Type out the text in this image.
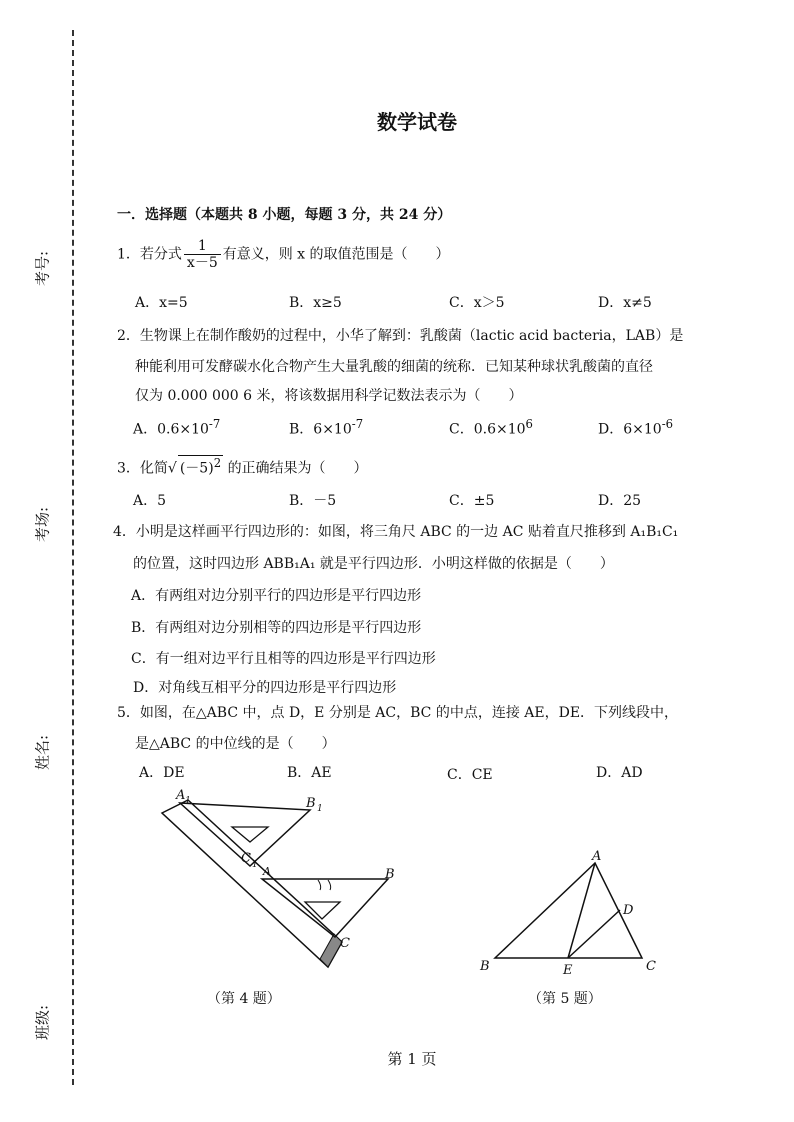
考号:
考场:
姓名:
班级:
数学试卷
一．选择题（本题共 8 小题，每题 3 分，共 24 分）
1．若分式 $\frac{1}{x-5}$ 有意义，则 x 的取值范围是（　　）
A．x=5	B．x≥5	C．x＞5	D．x≠5
2．生物课上在制作酸奶的过程中，小华了解到：乳酸菌（lactic acid bacteria，LAB）是
种能利用可发酵碳水化合物产生大量乳酸的细菌的统称．已知某种球状乳酸菌的直径
仅为 0.000 000 6 米，将该数据用科学记数法表示为（　　）
A．$0.6\times 10^{-7}$	B．$6\times 10^{-7}$	C．$0.6\times 10^6$	D．$6\times 10^{-6}$
3．化简√ $(-5)^2$ 的正确结果为（　　）
A．5	B．－5	C．±5	D．25
4．小明是这样画平行四边形的：如图，将三角尺 ABC 的一边 AC 贴着直尺推移到 A₁B₁C₁
的位置，这时四边形 ABB₁A₁ 就是平行四边形．小明这样做的依据是（　　）
A．有两组对边分别平行的四边形是平行四边形
B．有两组对边分别相等的四边形是平行四边形
C．有一组对边平行且相等的四边形是平行四边形
D．对角线互相平分的四边形是平行四边形
5．如图，在△ABC 中，点 D，E 分别是 AC，BC 的中点，连接 AE，DE．下列线段中，
是△ABC 的中位线的是（　　）
A．DE	B．AE	C．CE	D．AD
A 1	B 1
C 1 A	B
C
（第 4 题）
A
B	C
D
E
（第 5 题）
第 1 页
